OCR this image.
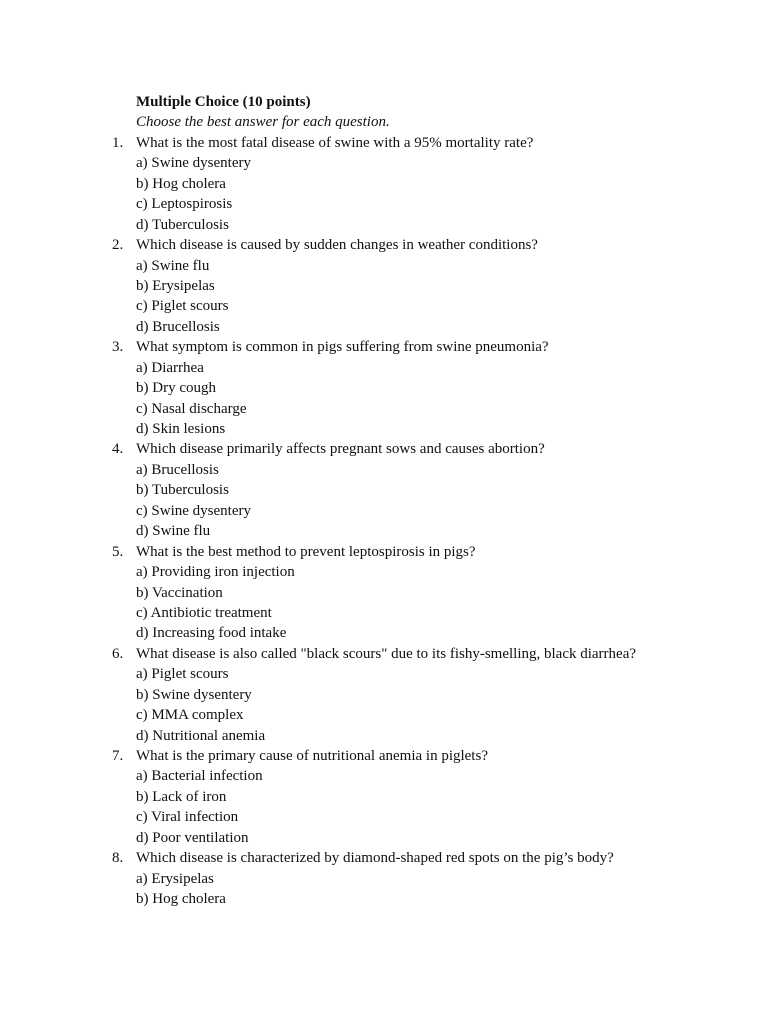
Multiple Choice (10 points)
Choose the best answer for each question.
1. What is the most fatal disease of swine with a 95% mortality rate?
a) Swine dysentery
b) Hog cholera
c) Leptospirosis
d) Tuberculosis
2. Which disease is caused by sudden changes in weather conditions?
a) Swine flu
b) Erysipelas
c) Piglet scours
d) Brucellosis
3. What symptom is common in pigs suffering from swine pneumonia?
a) Diarrhea
b) Dry cough
c) Nasal discharge
d) Skin lesions
4. Which disease primarily affects pregnant sows and causes abortion?
a) Brucellosis
b) Tuberculosis
c) Swine dysentery
d) Swine flu
5. What is the best method to prevent leptospirosis in pigs?
a) Providing iron injection
b) Vaccination
c) Antibiotic treatment
d) Increasing food intake
6. What disease is also called "black scours" due to its fishy-smelling, black diarrhea?
a) Piglet scours
b) Swine dysentery
c) MMA complex
d) Nutritional anemia
7. What is the primary cause of nutritional anemia in piglets?
a) Bacterial infection
b) Lack of iron
c) Viral infection
d) Poor ventilation
8. Which disease is characterized by diamond-shaped red spots on the pig’s body?
a) Erysipelas
b) Hog cholera
